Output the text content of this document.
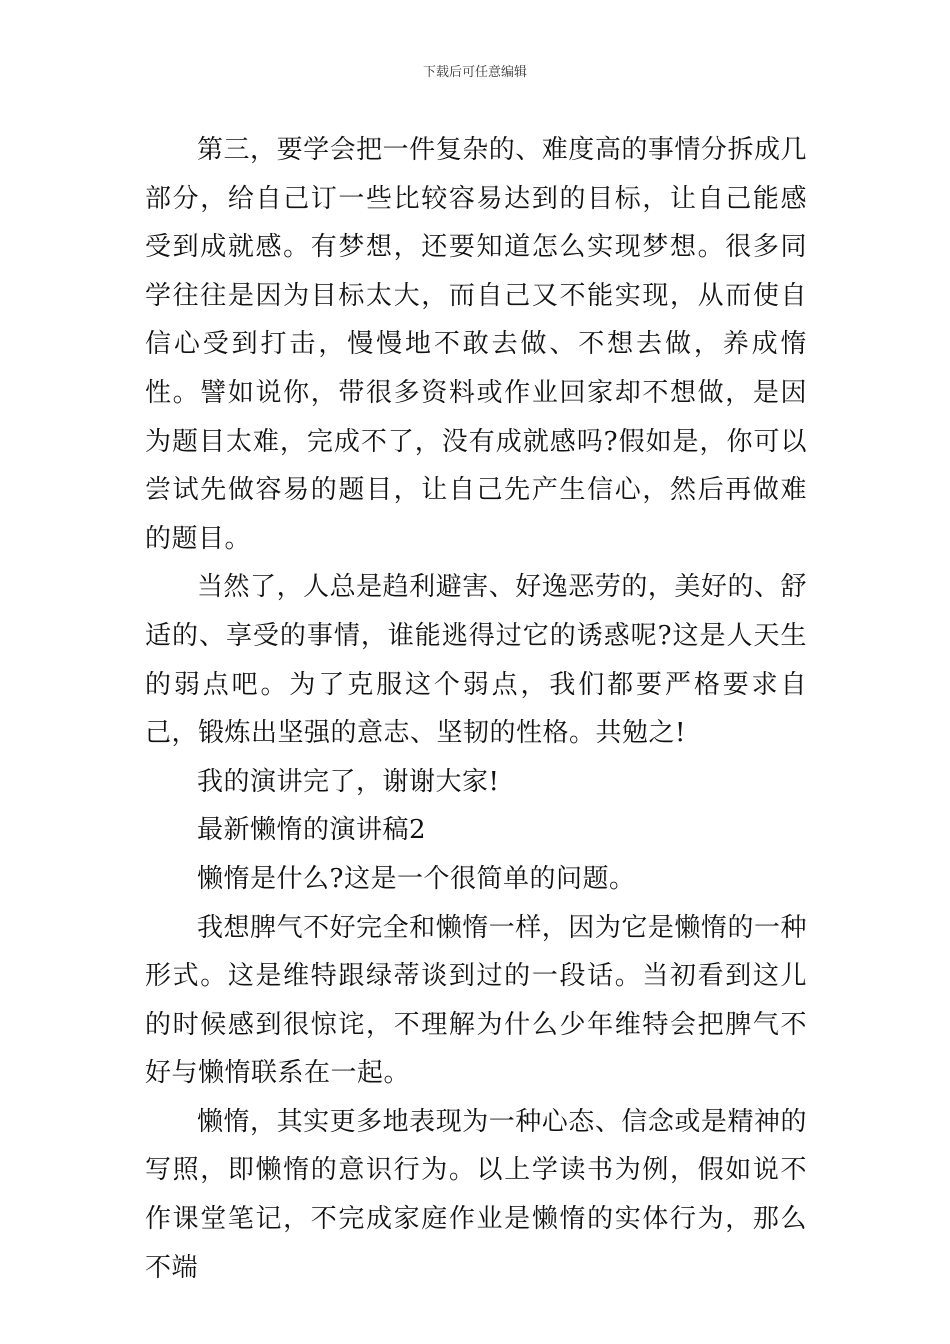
下载后可任意编辑

第三，要学会把一件复杂的、难度高的事情分拆成几部分，给自己订一些比较容易达到的目标，让自己能感受到成就感。有梦想，还要知道怎么实现梦想。很多同学往往是因为目标太大，而自己又不能实现，从而使自信心受到打击，慢慢地不敢去做、不想去做，养成惰性。譬如说你，带很多资料或作业回家却不想做，是因为题目太难，完成不了，没有成就感吗?假如是，你可以尝试先做容易的题目，让自己先产生信心，然后再做难的题目。

当然了，人总是趋利避害、好逸恶劳的，美好的、舒适的、享受的事情，谁能逃得过它的诱惑呢?这是人天生的弱点吧。为了克服这个弱点，我们都要严格要求自己，锻炼出坚强的意志、坚韧的性格。共勉之!

我的演讲完了，谢谢大家!

最新懒惰的演讲稿2

懒惰是什么?这是一个很简单的问题。

我想脾气不好完全和懒惰一样，因为它是懒惰的一种形式。这是维特跟绿蒂谈到过的一段话。当初看到这儿的时候感到很惊诧，不理解为什么少年维特会把脾气不好与懒惰联系在一起。

懒惰，其实更多地表现为一种心态、信念或是精神的写照，即懒惰的意识行为。以上学读书为例，假如说不作课堂笔记，不完成家庭作业是懒惰的实体行为，那么不端
